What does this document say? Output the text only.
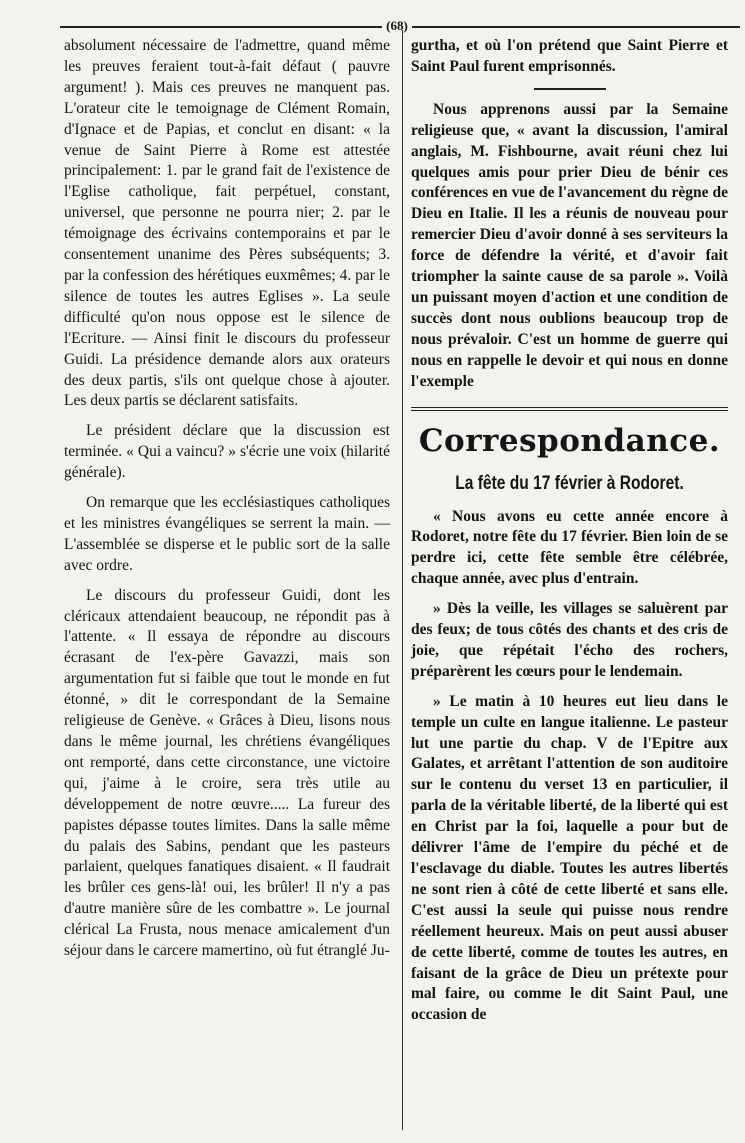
(68)

absolument nécessaire de l'admettre, quand même les preuves feraient tout-à-fait défaut ( pauvre argument! ). Mais ces preuves ne manquent pas. L'orateur cite le temoignage de Clément Romain, d'Ignace et de Papias, et conclut en disant: « la venue de Saint Pierre à Rome est attestée principalement: 1. par le grand fait de l'existence de l'Eglise catholique, fait perpétuel, constant, universel, que personne ne pourra nier; 2. par le témoignage des écrivains contemporains et par le consentement unanime des Pères subséquents; 3. par la confession des hérétiques euxmêmes; 4. par le silence de toutes les autres Eglises ». La seule difficulté qu'on nous oppose est le silence de l'Ecriture. — Ainsi finit le discours du professeur Guidi. La présidence demande alors aux orateurs des deux partis, s'ils ont quelque chose à ajouter. Les deux partis se déclarent satisfaits.

Le président déclare que la discussion est terminée. « Qui a vaincu? » s'écrie une voix (hilarité générale).

On remarque que les ecclésiastiques catholiques et les ministres évangéliques se serrent la main. — L'assemblée se disperse et le public sort de la salle avec ordre.

Le discours du professeur Guidi, dont les cléricaux attendaient beaucoup, ne répondit pas à l'attente. « Il essaya de répondre au discours écrasant de l'ex-père Gavazzi, mais son argumentation fut si faible que tout le monde en fut étonné, » dit le correspondant de la Semaine religieuse de Genève. « Grâces à Dieu, lisons nous dans le même journal, les chrétiens évangéliques ont remporté, dans cette circonstance, une victoire qui, j'aime à le croire, sera très utile au développement de notre œuvre..... La fureur des papistes dépasse toutes limites. Dans la salle même du palais des Sabins, pendant que les pasteurs parlaient, quelques fanatiques disaient. « Il faudrait les brûler ces gens-là! oui, les brûler! Il n'y a pas d'autre manière sûre de les combattre ». Le journal clérical La Frusta, nous menace amicalement d'un séjour dans le carcere mamertino, où fut étranglé Ju-

gurtha, et où l'on prétend que Saint Pierre et Saint Paul furent emprisonnés.

Nous apprenons aussi par la Semaine religieuse que, « avant la discussion, l'amiral anglais, M. Fishbourne, avait réuni chez lui quelques amis pour prier Dieu de bénir ces conférences en vue de l'avancement du règne de Dieu en Italie. Il les a réunis de nouveau pour remercier Dieu d'avoir donné à ses serviteurs la force de défendre la vérité, et d'avoir fait triompher la sainte cause de sa parole ». Voilà un puissant moyen d'action et une condition de succès dont nous oublions beaucoup trop de nous prévaloir. C'est un homme de guerre qui nous en rappelle le devoir et qui nous en donne l'exemple

Correspondance.
La fête du 17 février à Rodoret.

« Nous avons eu cette année encore à Rodoret, notre fête du 17 février. Bien loin de se perdre ici, cette fête semble être célébrée, chaque année, avec plus d'entrain.

» Dès la veille, les villages se saluèrent par des feux; de tous côtés des chants et des cris de joie, que répétait l'écho des rochers, préparèrent les cœurs pour le lendemain.

» Le matin à 10 heures eut lieu dans le temple un culte en langue italienne. Le pasteur lut une partie du chap. V de l'Epitre aux Galates, et arrêtant l'attention de son auditoire sur le contenu du verset 13 en particulier, il parla de la véritable liberté, de la liberté qui est en Christ par la foi, laquelle a pour but de délivrer l'âme de l'empire du péché et de l'esclavage du diable. Toutes les autres libertés ne sont rien à côté de cette liberté et sans elle. C'est aussi la seule qui puisse nous rendre réellement heureux. Mais on peut aussi abuser de cette liberté, comme de toutes les autres, en faisant de la grâce de Dieu un prétexte pour mal faire, ou comme le dit Saint Paul, une occasion de
